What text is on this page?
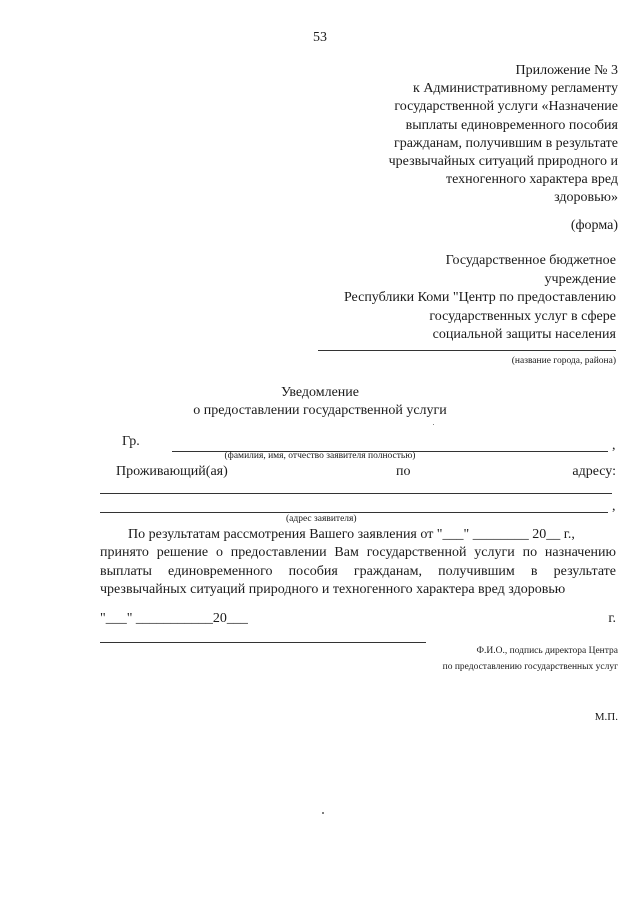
53
Приложение № 3
к Административному регламенту
государственной услуги «Назначение
выплаты единовременного пособия
гражданам, получившим в результате
чрезвычайных ситуаций природного и
техногенного характера вред
здоровью»
(форма)
Государственное бюджетное
учреждение
Республики Коми "Центр по предоставлению
государственных услуг в сфере
социальной защиты населения
(название города, района)
Уведомление
о предоставлении государственной услуги
Гр.	,
(фамилия, имя, отчество заявителя полностью)
Проживающий(ая)	по	адресу:
,
(адрес заявителя)
По результатам рассмотрения Вашего заявления от "___" ________ 20__ г.,
принято решение о предоставлении Вам государственной услуги по назначению выплаты единовременного пособия гражданам, получившим в результате чрезвычайных ситуаций природного и техногенного характера вред здоровью
"___" ___________20___	г.
Ф.И.О., подпись директора Центра
по предоставлению государственных услуг
М.П.
